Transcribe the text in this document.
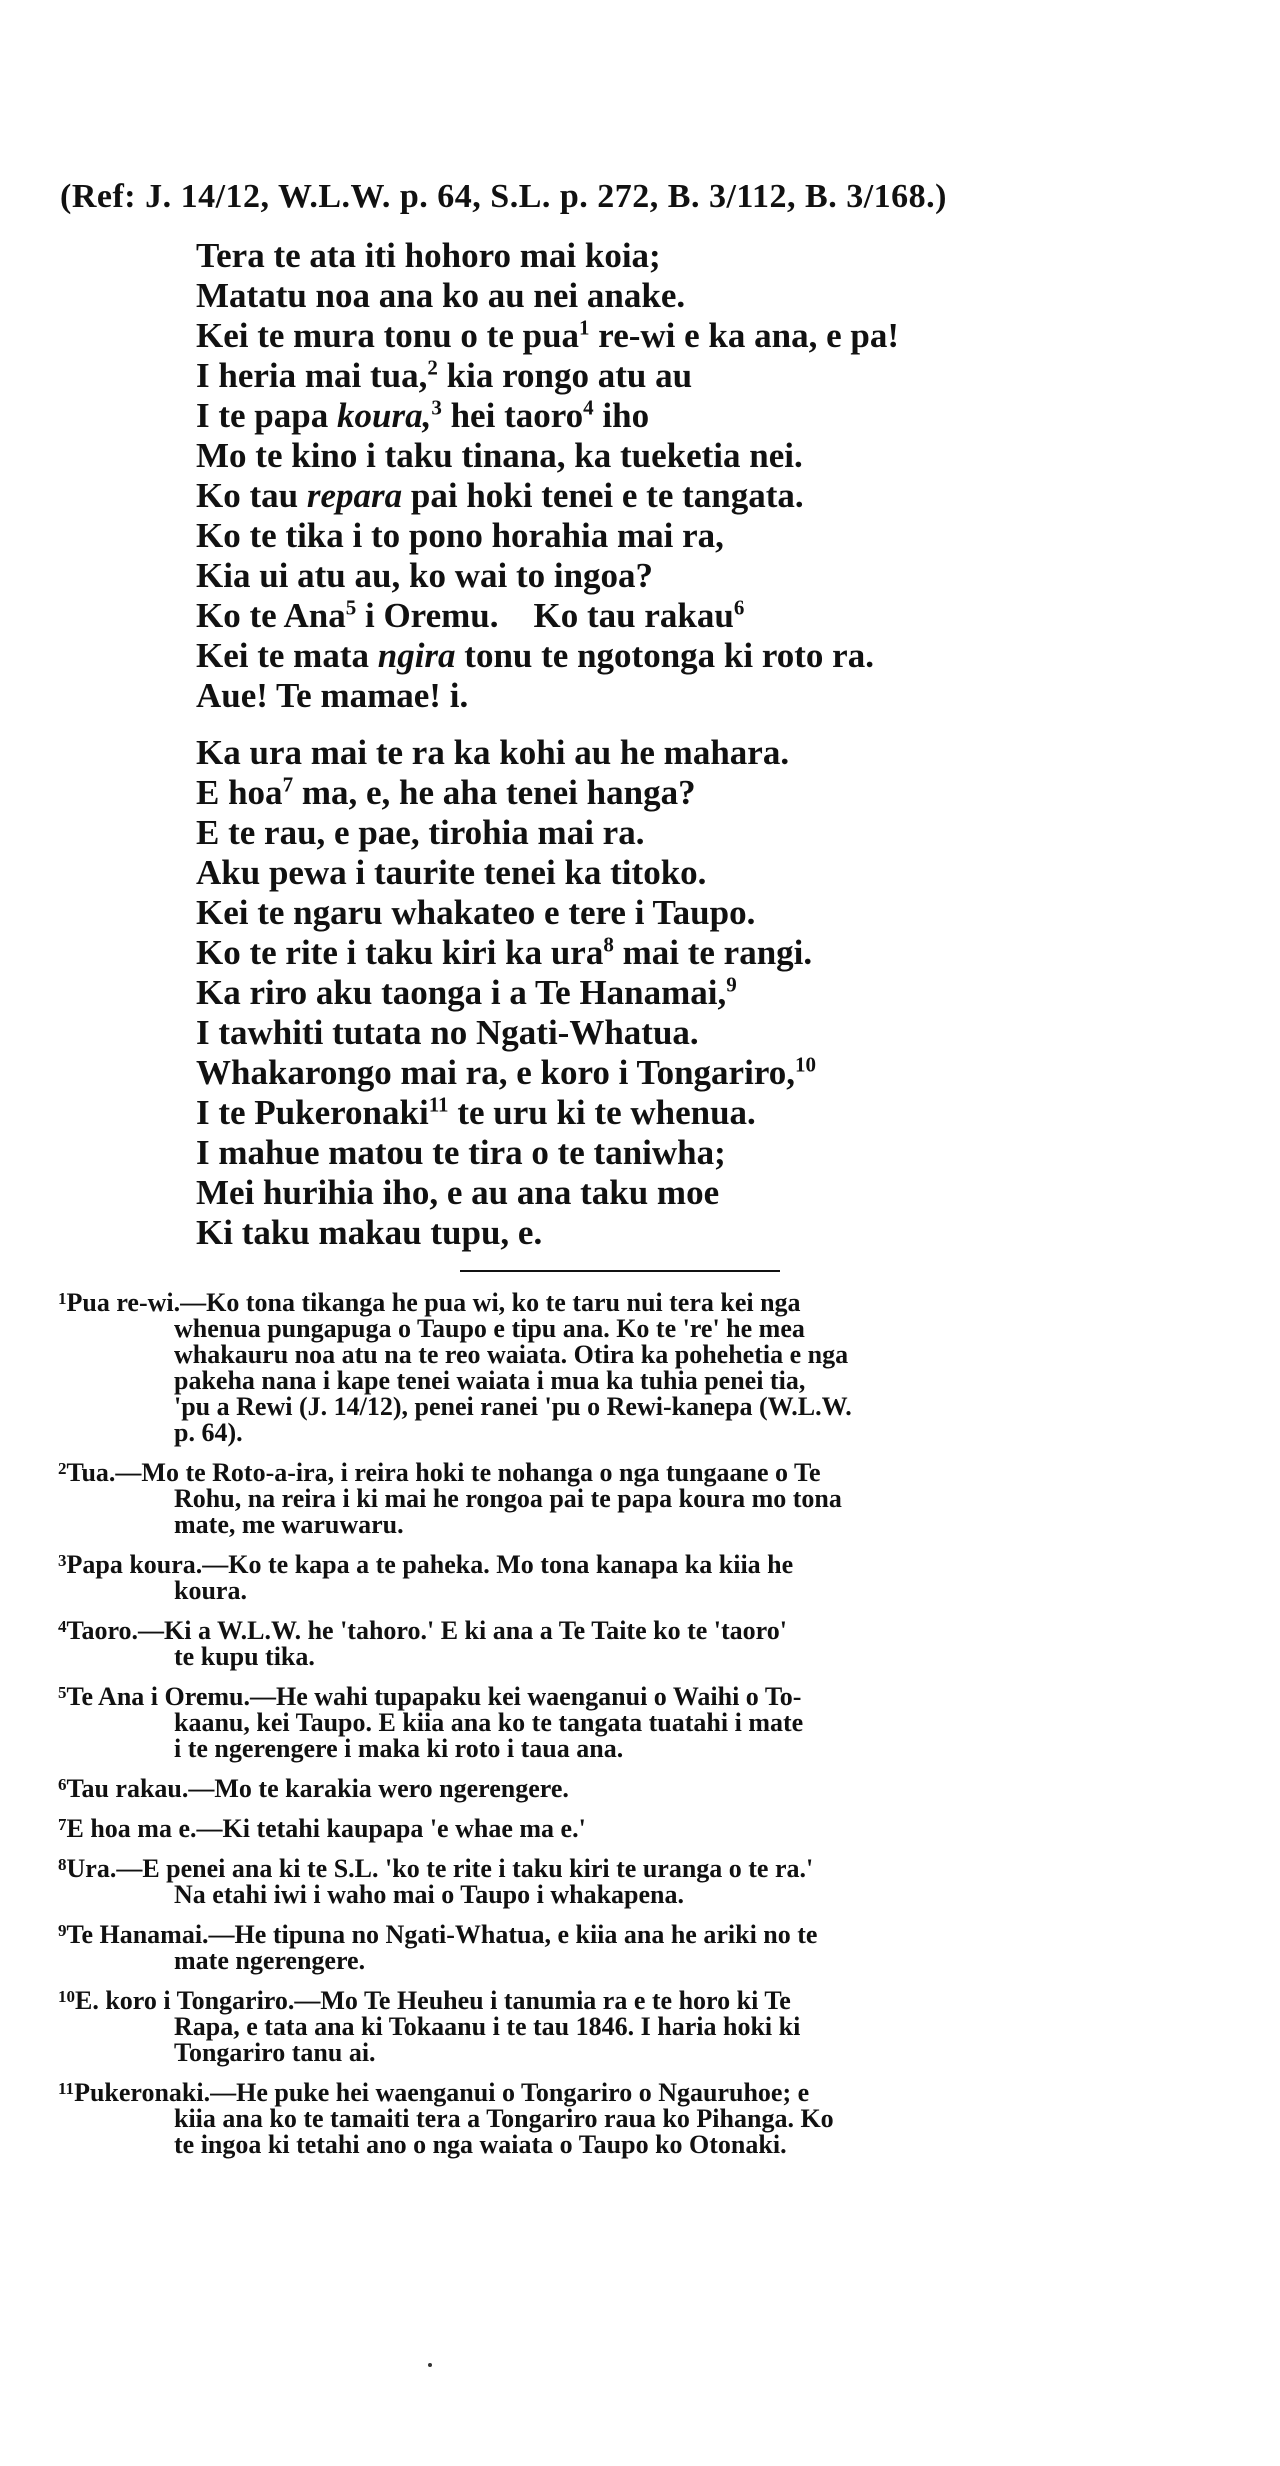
(Ref: J. 14/12, W.L.W. p. 64, S.L. p. 272, B. 3/112, B. 3/168.)
Tera te ata iti hohoro mai koia;
Matatu noa ana ko au nei anake.
Kei te mura tonu o te pua$^1$ re-wi e ka ana, e pa!
I heria mai tua,$^2$ kia rongo atu au
I te papa koura,$^3$ hei taoro$^4$ iho
Mo te kino i taku tinana, ka tueketia nei.
Ko tau repara pai hoki tenei e te tangata.
Ko te tika i to pono horahia mai ra,
Kia ui atu au, ko wai to ingoa?
Ko te Ana$^5$ i Oremu.    Ko tau rakau$^6$
Kei te mata ngira tonu te ngotonga ki roto ra.
Aue! Te mamae! i.
Ka ura mai te ra ka kohi au he mahara.
E hoa$^7$ ma, e, he aha tenei hanga?
E te rau, e pae, tirohia mai ra.
Aku pewa i taurite tenei ka titoko.
Kei te ngaru whakateo e tere i Taupo.
Ko te rite i taku kiri ka ura$^8$ mai te rangi.
Ka riro aku taonga i a Te Hanamai,$^9$
I tawhiti tutata no Ngati-Whatua.
Whakarongo mai ra, e koro i Tongariro,$^{10}$
I te Pukeronaki$^{11}$ te uru ki te whenua.
I mahue matou te tira o te taniwha;
Mei hurihia iho, e au ana taku moe
Ki taku makau tupu, e.
$^1$Pua re-wi.—Ko tona tikanga he pua wi, ko te taru nui tera kei nga
whenua pungapuga o Taupo e tipu ana. Ko te 're' he mea
whakauru noa atu na te reo waiata. Otira ka pohehetia e nga
pakeha nana i kape tenei waiata i mua ka tuhia penei tia,
'pu a Rewi (J. 14/12), penei ranei 'pu o Rewi-kanepa (W.L.W.
p. 64).
$^2$Tua.—Mo te Roto-a-ira, i reira hoki te nohanga o nga tungaane o Te
Rohu, na reira i ki mai he rongoa pai te papa koura mo tona
mate, me waruwaru.
$^3$Papa koura.—Ko te kapa a te paheka. Mo tona kanapa ka kiia he
koura.
$^4$Taoro.—Ki a W.L.W. he 'tahoro.' E ki ana a Te Taite ko te 'taoro'
te kupu tika.
$^5$Te Ana i Oremu.—He wahi tupapaku kei waenganui o Waihi o To-
kaanu, kei Taupo. E kiia ana ko te tangata tuatahi i mate
i te ngerengere i maka ki roto i taua ana.
$^6$Tau rakau.—Mo te karakia wero ngerengere.
$^7$E hoa ma e.—Ki tetahi kaupapa 'e whae ma e.'
$^8$Ura.—E penei ana ki te S.L. 'ko te rite i taku kiri te uranga o te ra.'
Na etahi iwi i waho mai o Taupo i whakapena.
$^9$Te Hanamai.—He tipuna no Ngati-Whatua, e kiia ana he ariki no te
mate ngerengere.
$^{10}$E. koro i Tongariro.—Mo Te Heuheu i tanumia ra e te horo ki Te
Rapa, e tata ana ki Tokaanu i te tau 1846. I haria hoki ki
Tongariro tanu ai.
$^{11}$Pukeronaki.—He puke hei waenganui o Tongariro o Ngauruhoe; e
kiia ana ko te tamaiti tera a Tongariro raua ko Pihanga. Ko
te ingoa ki tetahi ano o nga waiata o Taupo ko Otonaki.
